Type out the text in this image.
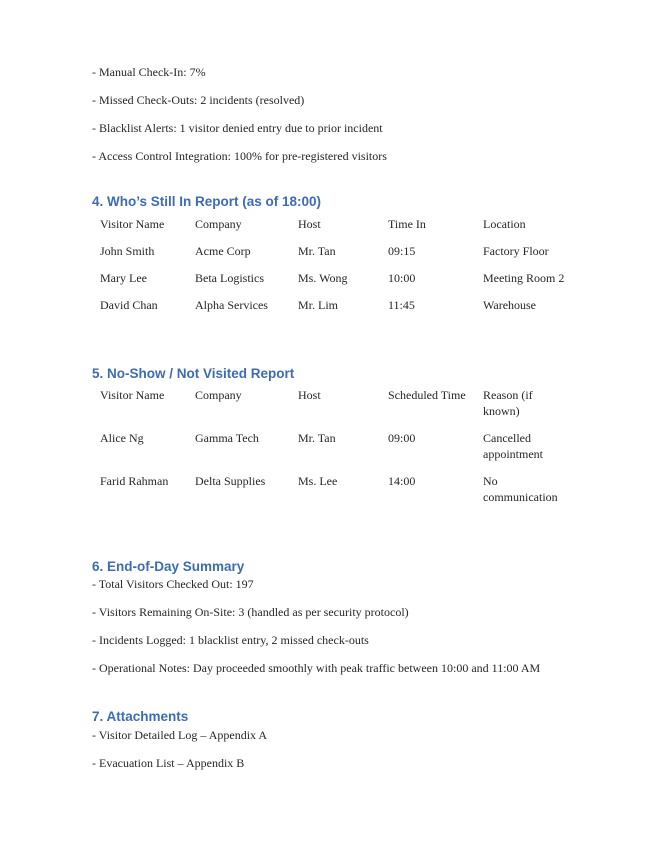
- Manual Check-In: 7%

- Missed Check-Outs: 2 incidents (resolved)

- Blacklist Alerts: 1 visitor denied entry due to prior incident

- Access Control Integration: 100% for pre-registered visitors

4. Who’s Still In Report (as of 18:00)
Visitor Name	Company	Host	Time In	Location
John Smith	Acme Corp	Mr. Tan	09:15	Factory Floor
Mary Lee	Beta Logistics	Ms. Wong	10:00	Meeting Room 2
David Chan	Alpha Services	Mr. Lim	11:45	Warehouse
5. No-Show / Not Visited Report
Visitor Name	Company	Host	Scheduled Time	Reason (if known)
Alice Ng	Gamma Tech	Mr. Tan	09:00	Cancelled appointment
Farid Rahman	Delta Supplies	Ms. Lee	14:00	No communication
6. End-of-Day Summary

- Total Visitors Checked Out: 197

- Visitors Remaining On-Site: 3 (handled as per security protocol)

- Incidents Logged: 1 blacklist entry, 2 missed check-outs

- Operational Notes: Day proceeded smoothly with peak traffic between 10:00 and 11:00 AM

7. Attachments

- Visitor Detailed Log – Appendix A

- Evacuation List – Appendix B
